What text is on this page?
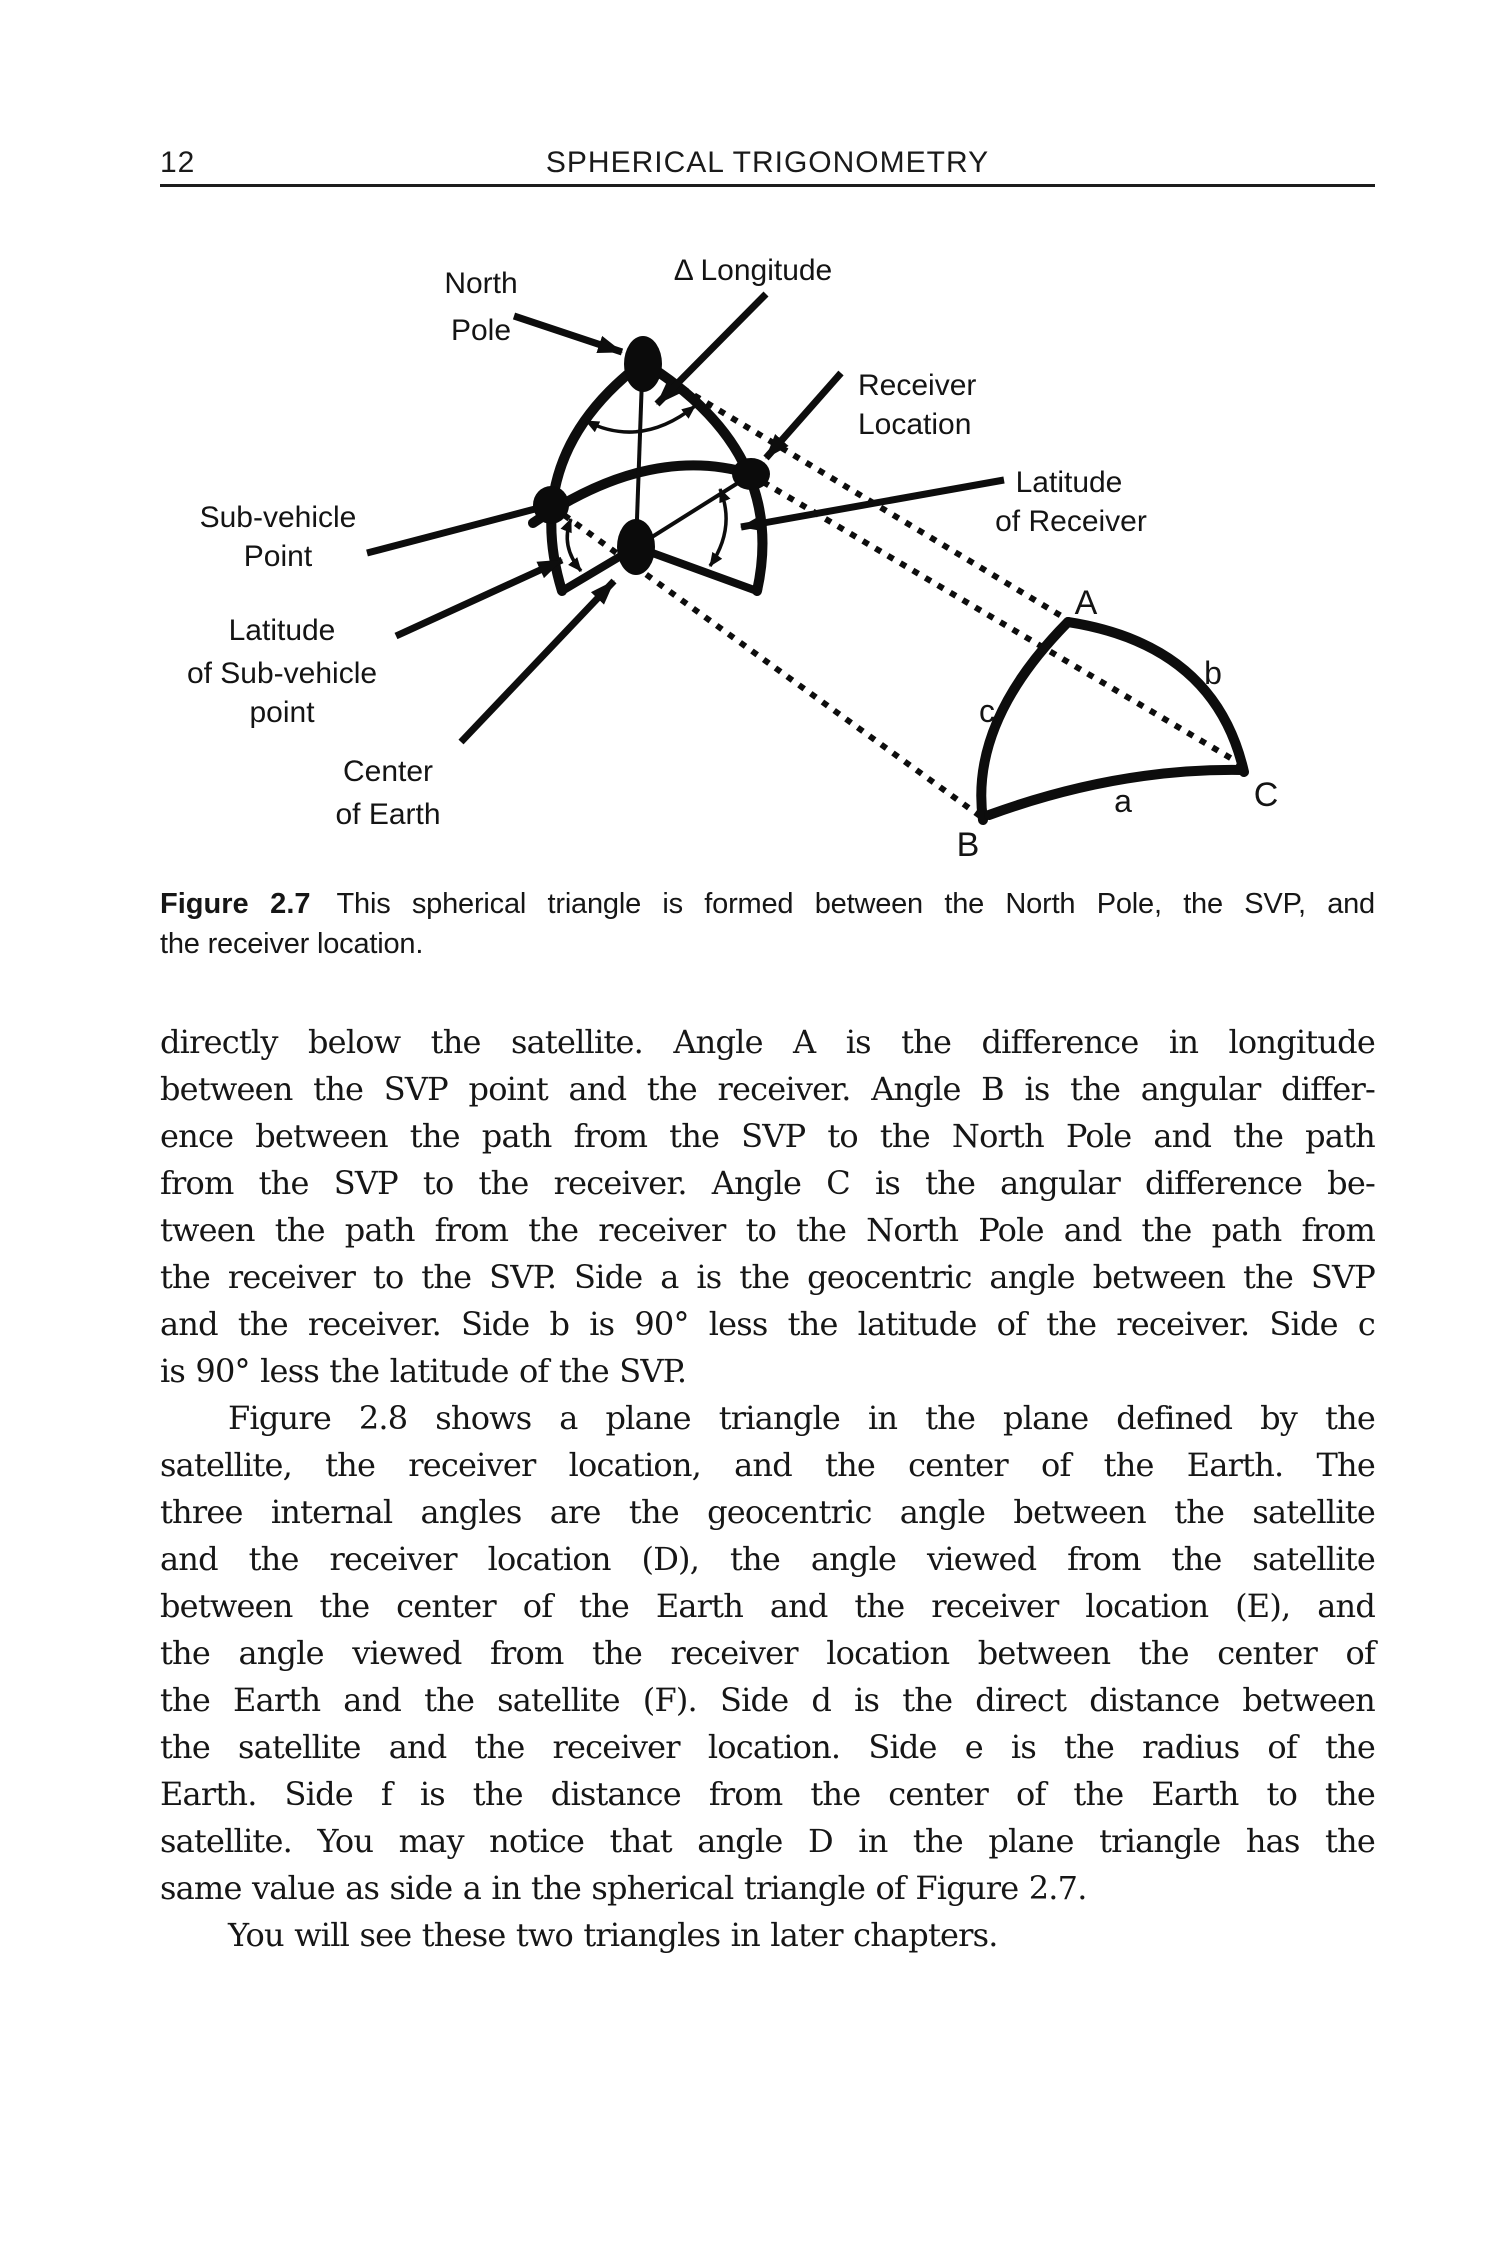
12	SPHERICAL TRIGONOMETRY
North
Pole
Δ Longitude
Receiver
Location
Latitude
of Receiver
Sub-vehicle
Point
Latitude
of Sub-vehicle
point
Center
of Earth
A
B
C
a
b
c
Figure 2.7 This spherical triangle is formed between the North Pole, the SVP, and
the receiver location.
directly below the satellite. Angle A is the difference in longitude
between the SVP point and the receiver. Angle B is the angular differ-
ence between the path from the SVP to the North Pole and the path
from the SVP to the receiver. Angle C is the angular difference be-
tween the path from the receiver to the North Pole and the path from
the receiver to the SVP. Side a is the geocentric angle between the SVP
and the receiver. Side b is 90° less the latitude of the receiver. Side c
is 90° less the latitude of the SVP.
Figure 2.8 shows a plane triangle in the plane defined by the
satellite, the receiver location, and the center of the Earth. The
three internal angles are the geocentric angle between the satellite
and the receiver location (D), the angle viewed from the satellite
between the center of the Earth and the receiver location (E), and
the angle viewed from the receiver location between the center of
the Earth and the satellite (F). Side d is the direct distance between
the satellite and the receiver location. Side e is the radius of the
Earth. Side f is the distance from the center of the Earth to the
satellite. You may notice that angle D in the plane triangle has the
same value as side a in the spherical triangle of Figure 2.7.
You will see these two triangles in later chapters.
